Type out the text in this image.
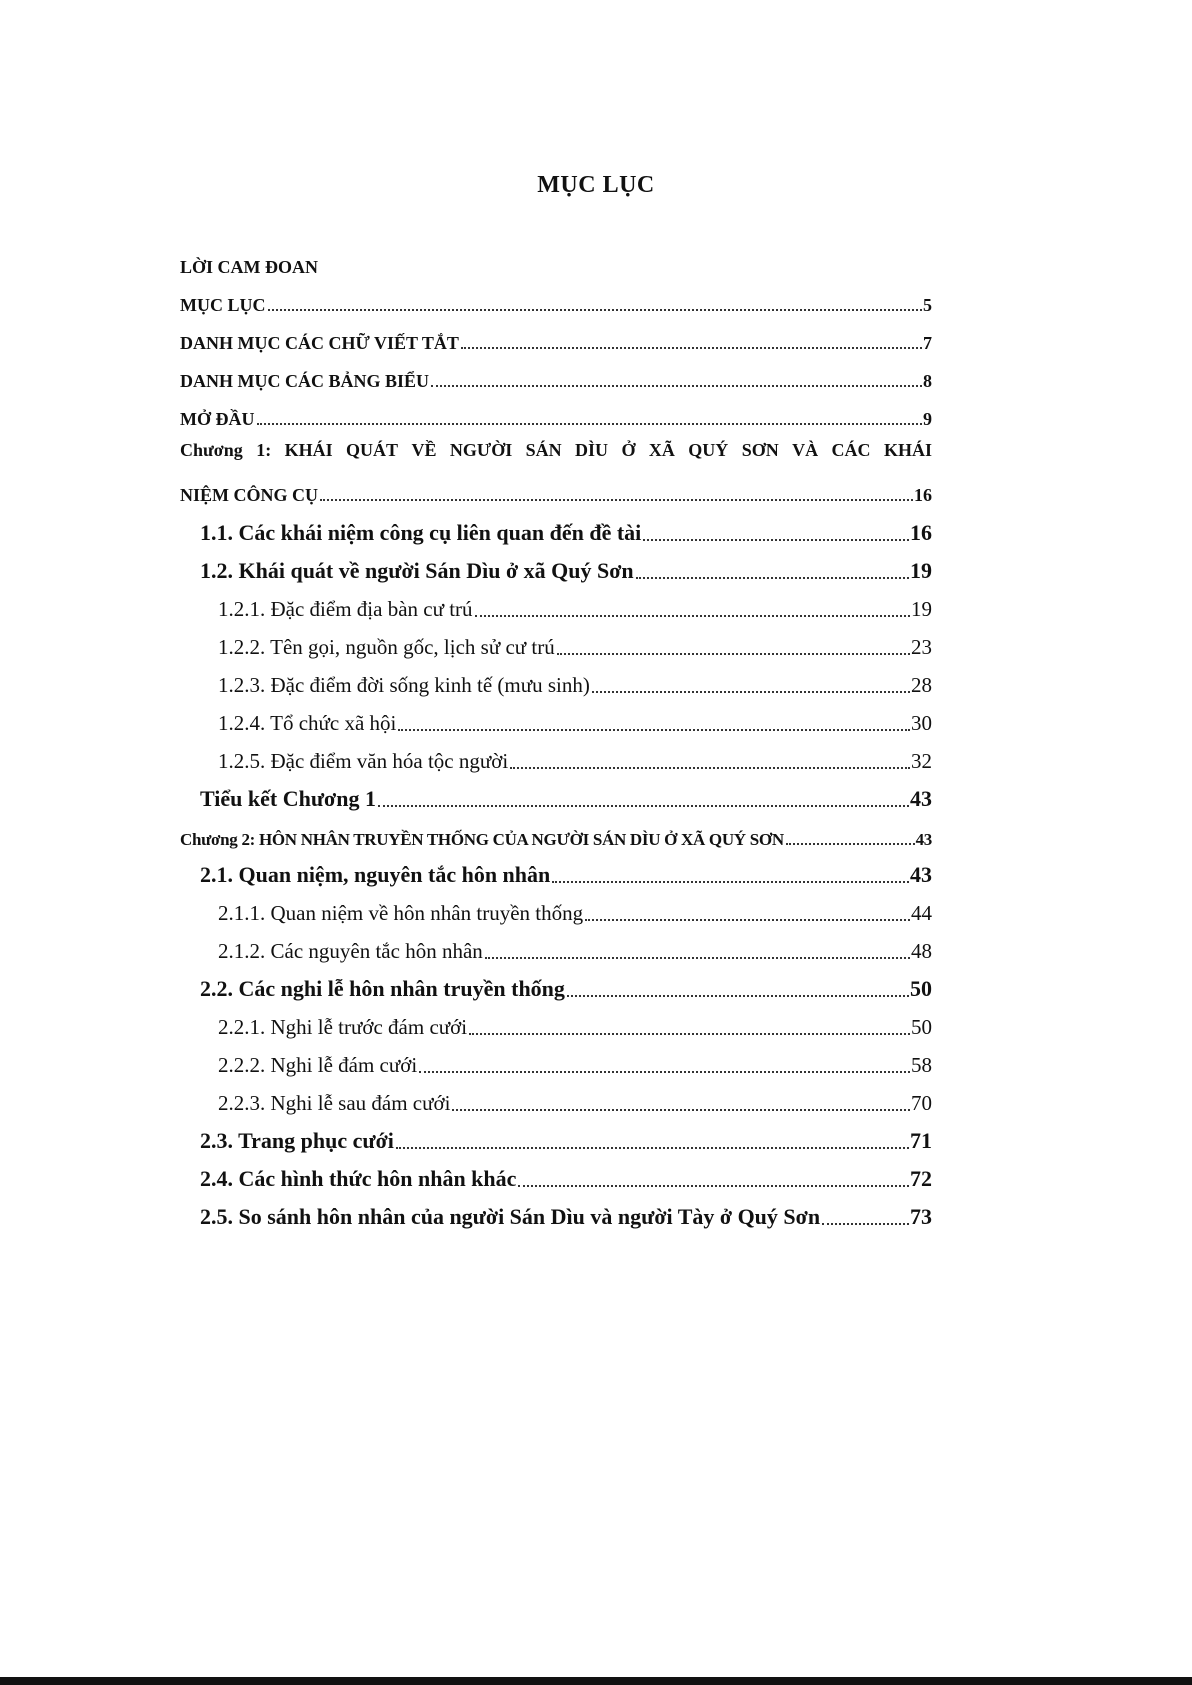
MỤC LỤC
LỜI CAM ĐOAN
MỤC LỤC	5
DANH MỤC CÁC CHỮ VIẾT TẮT	7
DANH MỤC CÁC BẢNG BIỂU	8
MỞ ĐẦU	9
Chương 1: KHÁI QUÁT VỀ NGƯỜI SÁN DÌU Ở XÃ QUÝ SƠN VÀ CÁC KHÁI
NIỆM CÔNG CỤ	16
1.1. Các khái niệm công cụ liên quan đến đề tài	16
1.2. Khái quát về người Sán Dìu ở xã Quý Sơn	19
1.2.1. Đặc điểm địa bàn cư trú	19
1.2.2. Tên gọi, nguồn gốc, lịch sử cư trú	23
1.2.3. Đặc điểm đời sống kinh tế (mưu sinh)	28
1.2.4. Tổ chức xã hội	30
1.2.5. Đặc điểm văn hóa tộc người	32
Tiểu kết Chương 1	43
Chương 2: HÔN NHÂN TRUYỀN THỐNG CỦA NGƯỜI SÁN DÌU Ở XÃ QUÝ SƠN	43
2.1. Quan niệm, nguyên tắc hôn nhân	43
2.1.1. Quan niệm về hôn nhân truyền thống	44
2.1.2. Các nguyên tắc hôn nhân	48
2.2. Các nghi lễ hôn nhân truyền thống	50
2.2.1. Nghi lễ trước đám cưới	50
2.2.2. Nghi lễ đám cưới	58
2.2.3. Nghi lễ sau đám cưới	70
2.3. Trang phục cưới	71
2.4. Các hình thức hôn nhân khác	72
2.5. So sánh hôn nhân của người Sán Dìu và người Tày ở Quý Sơn	73
